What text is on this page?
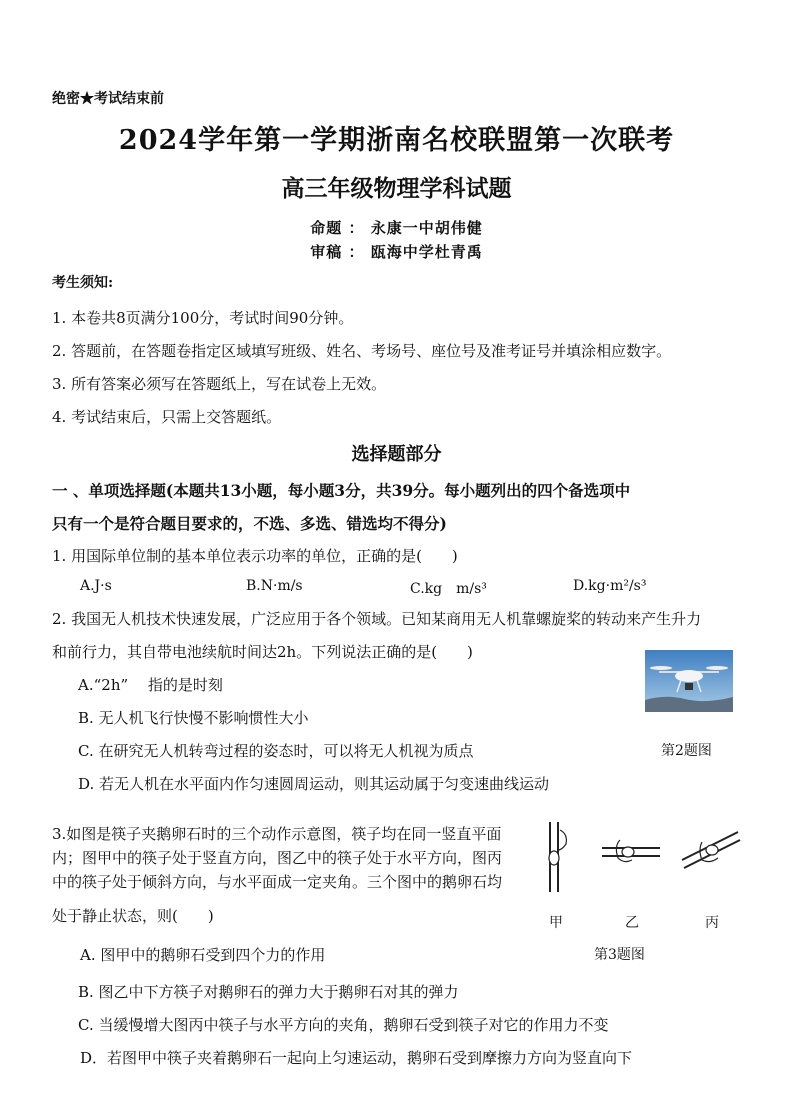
绝密★考试结束前
2024学年第一学期浙南名校联盟第一次联考
高三年级物理学科试题
命题 ： 永康一中胡伟健
审稿 ： 瓯海中学杜青禹
考生须知:
1. 本卷共8页满分100分，考试时间90分钟。
2. 答题前，在答题卷指定区域填写班级、姓名、考场号、座位号及准考证号并填涂相应数字。
3. 所有答案必须写在答题纸上，写在试卷上无效。
4. 考试结束后，只需上交答题纸。
选择题部分
一 、单项选择题(本题共13小题，每小题3分，共39分。每小题列出的四个备选项中
只有一个是符合题目要求的，不选、多选、错选均不得分)
1. 用国际单位制的基本单位表示功率的单位，正确的是(　　)
A.J·s	B.N·m/s	C.kg　m/s³	D.kg·m²/s³
2. 我国无人机技术快速发展，广泛应用于各个领域。已知某商用无人机靠螺旋桨的转动来产生升力
和前行力，其自带电池续航时间达2h。下列说法正确的是(　　)
A.“2h”　 指的是时刻
B. 无人机飞行快慢不影响惯性大小
C. 在研究无人机转弯过程的姿态时，可以将无人机视为质点
D. 若无人机在水平面内作匀速圆周运动，则其运动属于匀变速曲线运动
第2题图
3.如图是筷子夹鹅卵石时的三个动作示意图，筷子均在同一竖直平面
内；图甲中的筷子处于竖直方向，图乙中的筷子处于水平方向，图丙
中的筷子处于倾斜方向，与水平面成一定夹角。三个图中的鹅卵石均
处于静止状态，则(　　)	甲	乙	丙
第3题图
A. 图甲中的鹅卵石受到四个力的作用
B. 图乙中下方筷子对鹅卵石的弹力大于鹅卵石对其的弹力
C. 当缓慢增大图丙中筷子与水平方向的夹角，鹅卵石受到筷子对它的作用力不变
D．若图甲中筷子夹着鹅卵石一起向上匀速运动，鹅卵石受到摩擦力方向为竖直向下
